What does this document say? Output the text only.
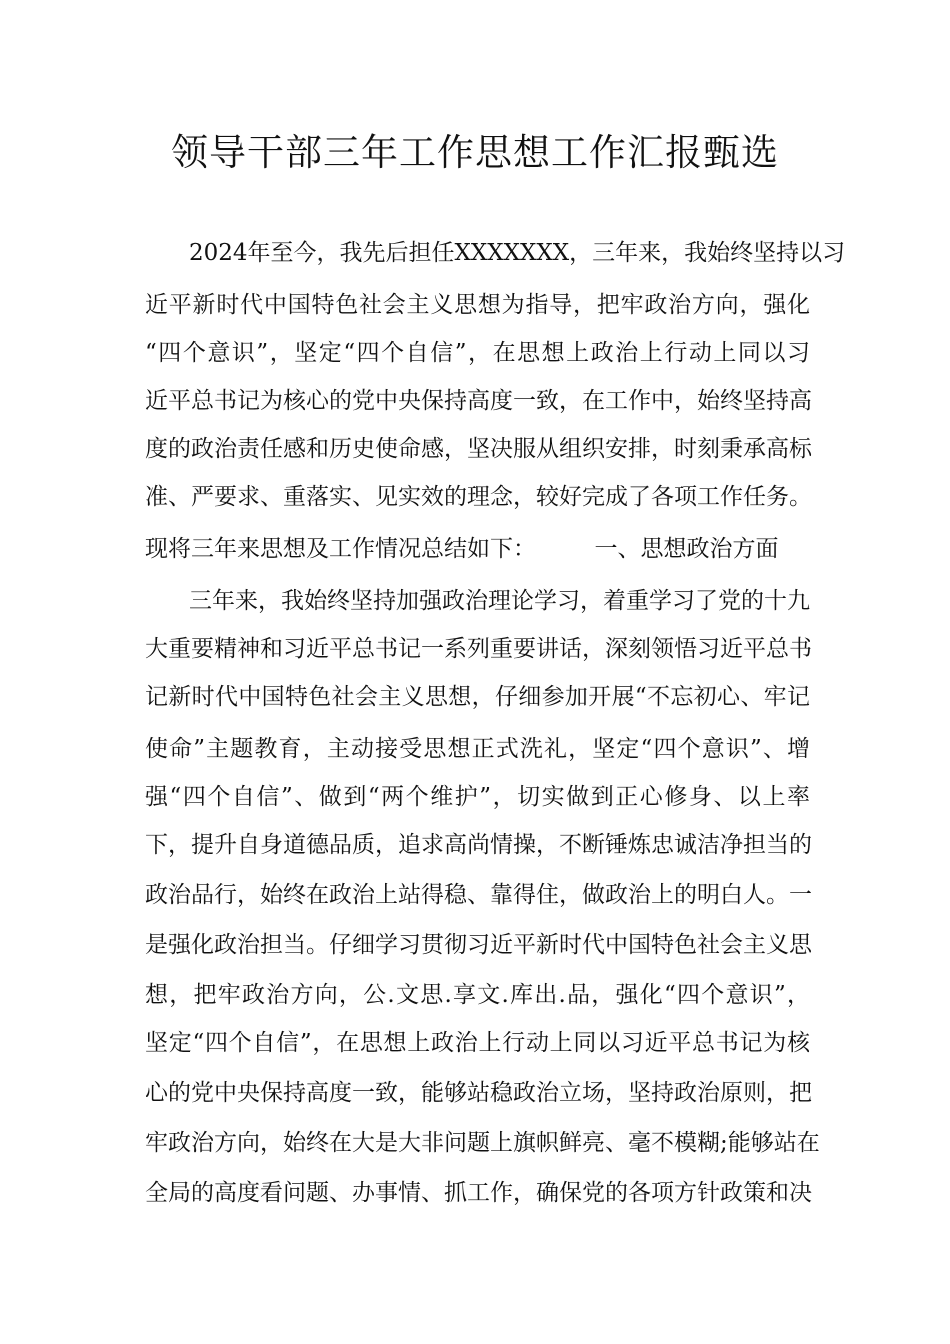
领导干部三年工作思想工作汇报甄选

2024年至今，我先后担任XXXXXXX，三年来，我始终坚持以习

近平新时代中国特色社会主义思想为指导，把牢政治方向，强化

“四个意识”，坚定“四个自信”，在思想上政治上行动上同以习

近平总书记为核心的党中央保持高度一致，在工作中，始终坚持高

度的政治责任感和历史使命感，坚决服从组织安排，时刻秉承高标

准、严要求、重落实、见实效的理念，较好完成了各项工作任务。

现将三年来思想及工作情况总结如下：        一、思想政治方面

三年来，我始终坚持加强政治理论学习，着重学习了党的十九

大重要精神和习近平总书记一系列重要讲话，深刻领悟习近平总书

记新时代中国特色社会主义思想，仔细参加开展“不忘初心、牢记

使命”主题教育，主动接受思想正式洗礼，坚定“四个意识”、增

强“四个自信”、做到“两个维护”，切实做到正心修身、以上率

下，提升自身道德品质，追求高尚情操，不断锤炼忠诚洁净担当的

政治品行，始终在政治上站得稳、靠得住，做政治上的明白人。一

是强化政治担当。仔细学习贯彻习近平新时代中国特色社会主义思

想，把牢政治方向，公.文思.享文.库出.品，强化“四个意识”，

坚定“四个自信”，在思想上政治上行动上同以习近平总书记为核

心的党中央保持高度一致，能够站稳政治立场，坚持政治原则，把

牢政治方向，始终在大是大非问题上旗帜鲜亮、毫不模糊;能够站在

全局的高度看问题、办事情、抓工作，确保党的各项方针政策和决
